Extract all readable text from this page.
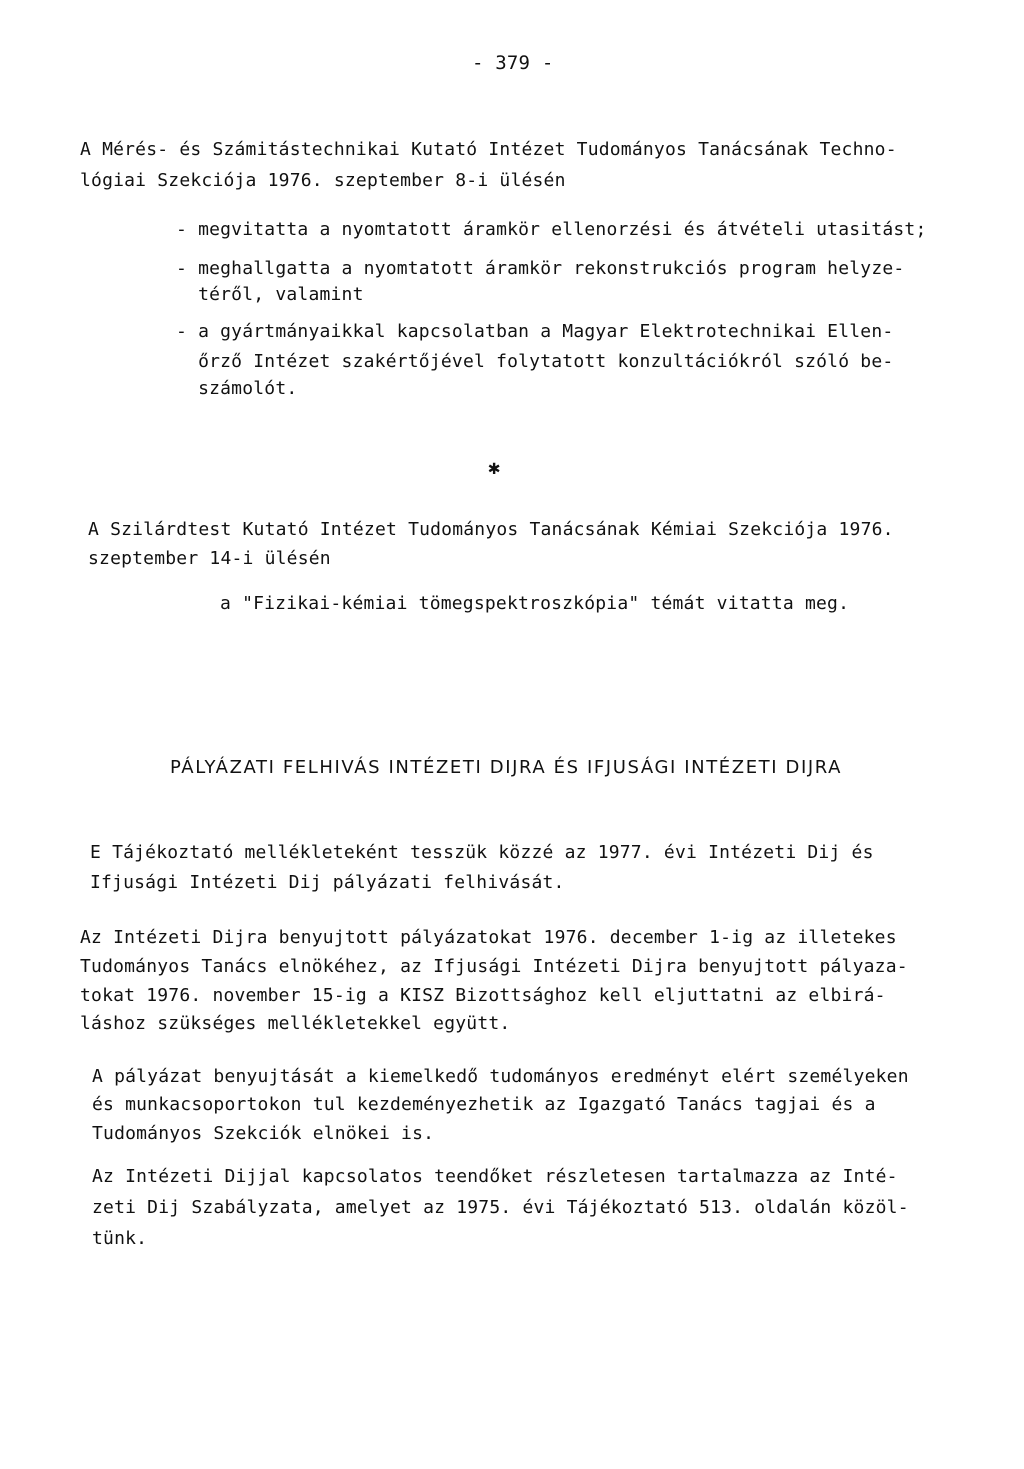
- 379 -
A Mérés- és Számitástechnikai Kutató Intézet Tudományos Tanácsának Techno-
lógiai Szekciója 1976. szeptember 8-i ülésén
- megvitatta a nyomtatott áramkör ellenorzési és átvételi utasitást;
- meghallgatta a nyomtatott áramkör rekonstrukciós program helyze-
téről, valamint
- a gyártmányaikkal kapcsolatban a Magyar Elektrotechnikai Ellen-
őrző Intézet szakértőjével folytatott konzultációkról szóló be-
számolót.
✱
A Szilárdtest Kutató Intézet Tudományos Tanácsának Kémiai Szekciója 1976.
szeptember 14-i ülésén
a "Fizikai-kémiai tömegspektroszkópia" témát vitatta meg.
PÁLYÁZATI FELHIVÁS INTÉZETI DIJRA ÉS IFJUSÁGI INTÉZETI DIJRA
E Tájékoztató mellékleteként tesszük közzé az 1977. évi Intézeti Dij és
Ifjusági Intézeti Dij pályázati felhivását.
Az Intézeti Dijra benyujtott pályázatokat 1976. december 1-ig az illetekes
Tudományos Tanács elnökéhez, az Ifjusági Intézeti Dijra benyujtott pályaza-
tokat 1976. november 15-ig a KISZ Bizottsághoz kell eljuttatni az elbirá-
láshoz szükséges mellékletekkel együtt.
A pályázat benyujtását a kiemelkedő tudományos eredményt elért személyeken
és munkacsoportokon tul kezdeményezhetik az Igazgató Tanács tagjai és a
Tudományos Szekciók elnökei is.
Az Intézeti Dijjal kapcsolatos teendőket részletesen tartalmazza az Inté-
zeti Dij Szabályzata, amelyet az 1975. évi Tájékoztató 513. oldalán közöl-
tünk.
